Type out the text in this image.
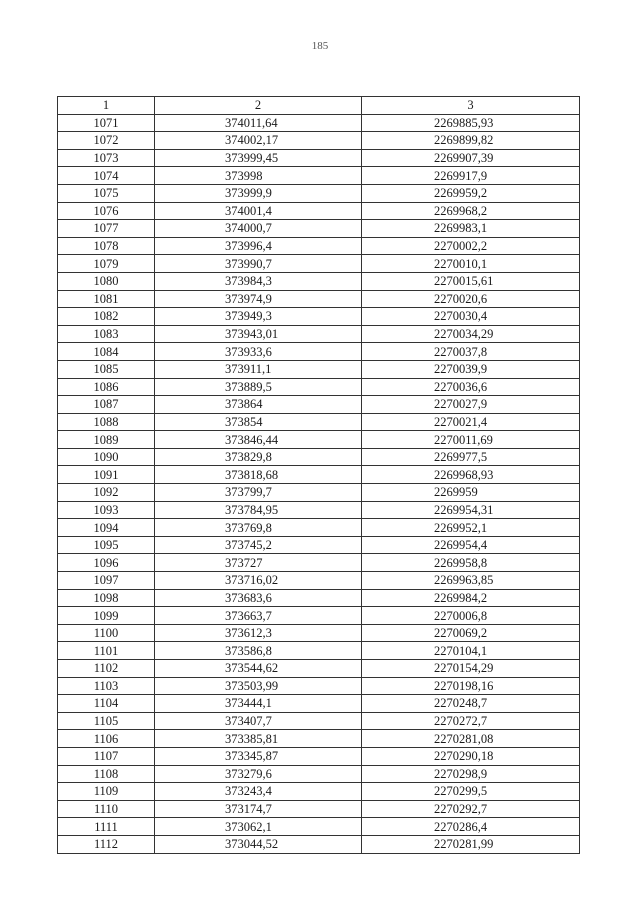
185
1	2	3
1071	374011,64	2269885,93
1072	374002,17	2269899,82
1073	373999,45	2269907,39
1074	373998	2269917,9
1075	373999,9	2269959,2
1076	374001,4	2269968,2
1077	374000,7	2269983,1
1078	373996,4	2270002,2
1079	373990,7	2270010,1
1080	373984,3	2270015,61
1081	373974,9	2270020,6
1082	373949,3	2270030,4
1083	373943,01	2270034,29
1084	373933,6	2270037,8
1085	373911,1	2270039,9
1086	373889,5	2270036,6
1087	373864	2270027,9
1088	373854	2270021,4
1089	373846,44	2270011,69
1090	373829,8	2269977,5
1091	373818,68	2269968,93
1092	373799,7	2269959
1093	373784,95	2269954,31
1094	373769,8	2269952,1
1095	373745,2	2269954,4
1096	373727	2269958,8
1097	373716,02	2269963,85
1098	373683,6	2269984,2
1099	373663,7	2270006,8
1100	373612,3	2270069,2
1101	373586,8	2270104,1
1102	373544,62	2270154,29
1103	373503,99	2270198,16
1104	373444,1	2270248,7
1105	373407,7	2270272,7
1106	373385,81	2270281,08
1107	373345,87	2270290,18
1108	373279,6	2270298,9
1109	373243,4	2270299,5
1110	373174,7	2270292,7
1111	373062,1	2270286,4
1112	373044,52	2270281,99
